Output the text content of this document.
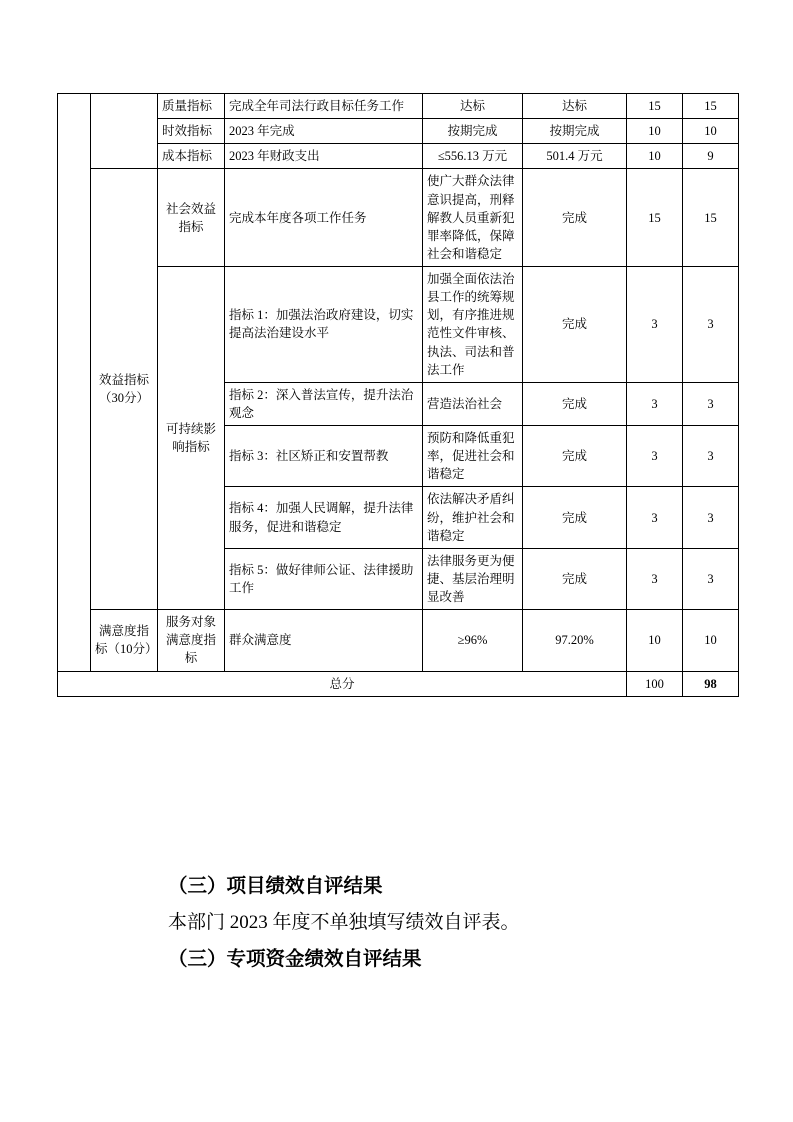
		质量指标	完成全年司法行政目标任务工作	达标	达标	15	15
		时效指标	2023 年完成	按期完成	按期完成	10	10
		成本指标	2023 年财政支出	≤556.13 万元	501.4 万元	10	9
	效益指标（30分）	社会效益指标	完成本年度各项工作任务	使广大群众法律意识提高，刑释解教人员重新犯罪率降低，保障社会和谐稳定	完成	15	15
		可持续影响指标	指标 1：加强法治政府建设，切实提高法治建设水平	加强全面依法治县工作的统筹规划，有序推进规范性文件审核、执法、司法和普法工作	完成	3	3
			指标 2：深入普法宣传，提升法治观念	营造法治社会	完成	3	3
			指标 3：社区矫正和安置帮教	预防和降低重犯率，促进社会和谐稳定	完成	3	3
			指标 4：加强人民调解，提升法律服务，促进和谐稳定	依法解决矛盾纠纷，维护社会和谐稳定	完成	3	3
			指标 5：做好律师公证、法律援助工作	法律服务更为便捷、基层治理明显改善	完成	3	3
	满意度指标（10分）	服务对象满意度指标	群众满意度	≥96%	97.20%	10	10
总分						100	98
（三）项目绩效自评结果
本部门 2023 年度不单独填写绩效自评表。
（三）专项资金绩效自评结果
